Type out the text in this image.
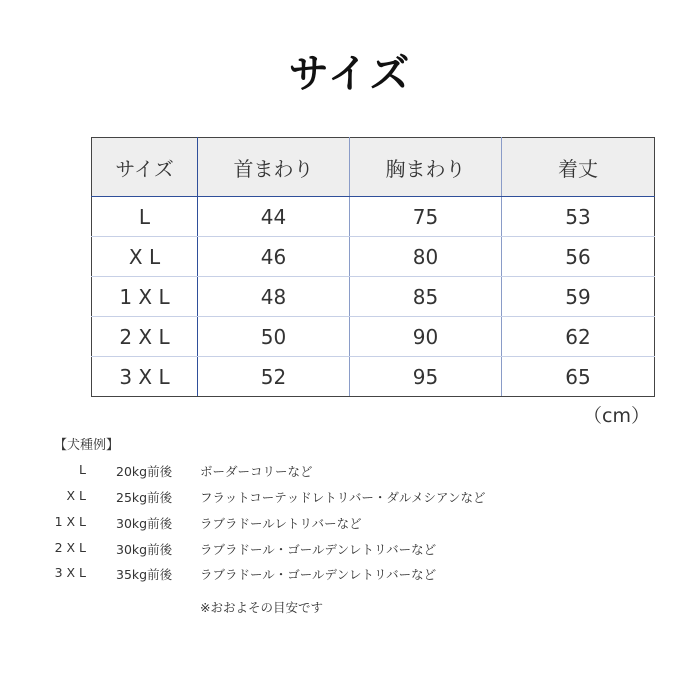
サイズ
サイズ	首まわり	胸まわり	着丈
L	44	75	53
X L	46	80	56
1 X L	48	85	59
2 X L	50	90	62
3 X L	52	95	65
（cm）
【犬種例】
L 20kg前後 ボーダーコリーなど
X L 25kg前後 フラットコーテッドレトリバー・ダルメシアンなど
1 X L 30kg前後 ラブラドールレトリバーなど
2 X L 30kg前後 ラブラドール・ゴールデンレトリバーなど
3 X L 35kg前後 ラブラドール・ゴールデンレトリバーなど
※おおよその目安です
